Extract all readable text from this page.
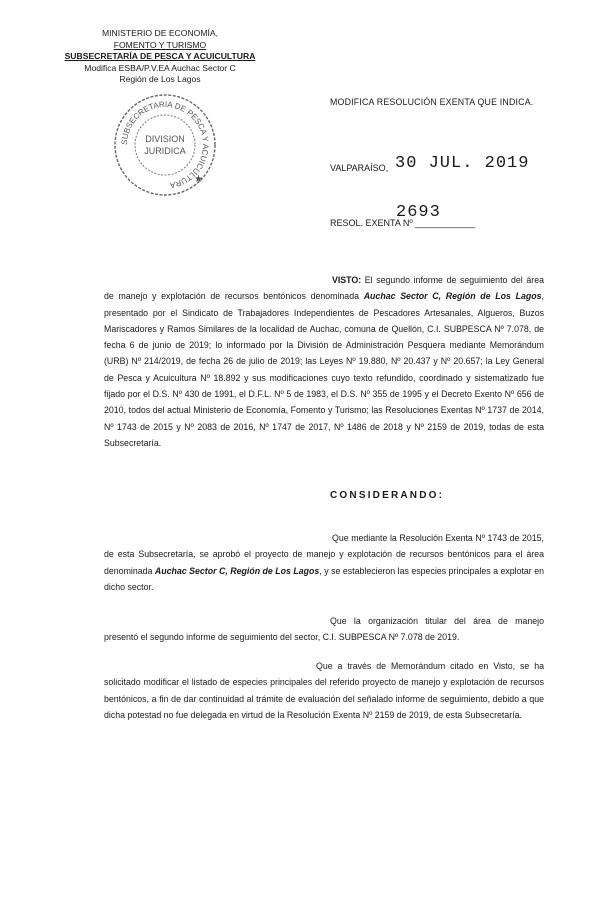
MINISTERIO DE ECONOMÍA,
FOMENTO Y TURISMO
SUBSECRETARÍA DE PESCA Y ACUICULTURA
Modifica ESBA/P.V.EA Auchac Sector C
Región de Los Lagos
SUBSECRETARIA DE PESCA Y ACUICULTURA
DIVISION
JURIDICA
★
MODIFICA RESOLUCIÓN EXENTA QUE INDICA.
VALPARAÍSO, 30 JUL. 2019
RESOL. EXENTA Nº ____________
2693

VISTO: El segundo informe de seguimiento del área de manejo y explotación de recursos bentónicos denominada Auchac Sector C, Región de Los Lagos, presentado por el Sindicato de Trabajadores Independientes de Pescadores Artesanales, Algueros, Buzos Mariscadores y Ramos Similares de la localidad de Auchac, comuna de Quellón, C.I. SUBPESCA Nº 7.078, de fecha 6 de junio de 2019; lo informado por la División de Administración Pesquera mediante Memorándum (URB) Nº 214/2019, de fecha 26 de julio de 2019; las Leyes Nº 19.880, Nº 20.437 y Nº 20.657; la Ley General de Pesca y Acuicultura Nº 18.892 y sus modificaciones cuyo texto refundido, coordinado y sistematizado fue fijado por el D.S. Nº 430 de 1991, el D.F.L. Nº 5 de 1983, el D.S. Nº 355 de 1995 y el Decreto Exento Nº 656 de 2010, todos del actual Ministerio de Economía, Fomento y Turismo; las Resoluciones Exentas Nº 1737 de 2014, Nº 1743 de 2015 y Nº 2083 de 2016, Nº 1747 de 2017, Nº 1486 de 2018 y Nº 2159 de 2019, todas de esta Subsecretaría.

CONSIDERANDO:

Que mediante la Resolución Exenta Nº 1743 de 2015, de esta Subsecretaría, se aprobó el proyecto de manejo y explotación de recursos bentónicos para el área denominada Auchac Sector C, Región de Los Lagos, y se establecieron las especies principales a explotar en dicho sector.

Que la organización titular del área de manejo presentó el segundo informe de seguimiento del sector, C.I. SUBPESCA Nº 7.078 de 2019.

Que a través de Memorándum citado en Visto, se ha solicitado modificar el listado de especies principales del referido proyecto de manejo y explotación de recursos bentónicos, a fin de dar continuidad al trámite de evaluación del señalado informe de seguimiento, debido a que dicha potestad no fue delegada en virtud de la Resolución Exenta Nº 2159 de 2019, de esta Subsecretaría.
